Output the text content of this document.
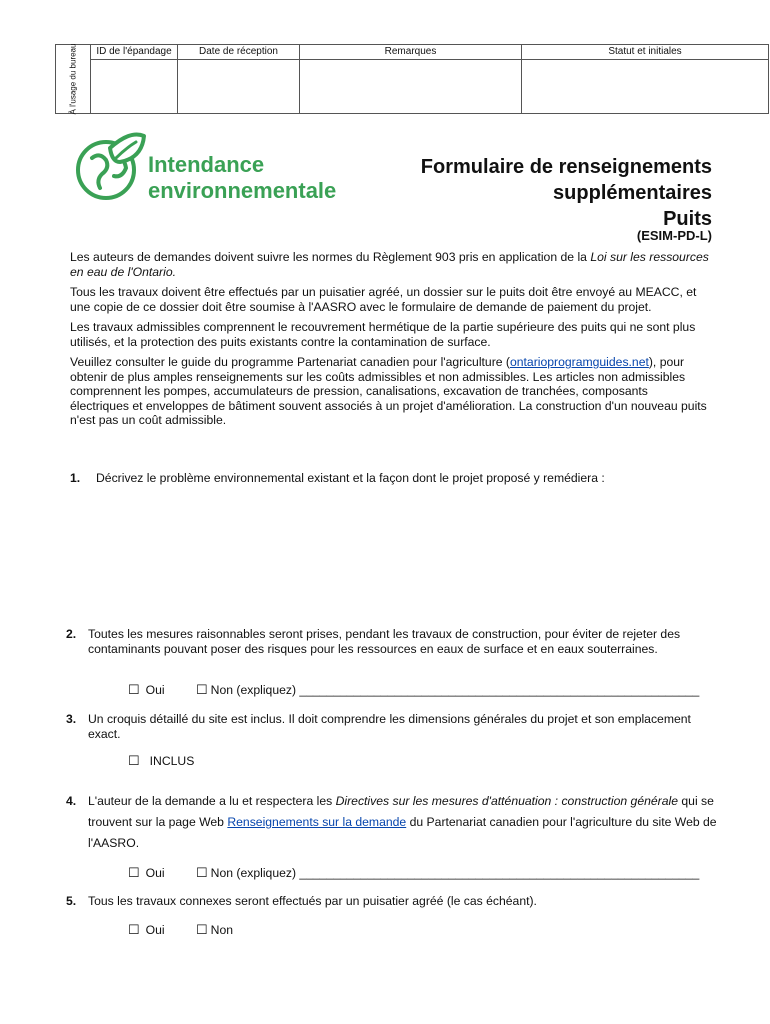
À l'usage du bureau	ID de l'épandage	Date de réception	Remarques	Statut et initiales

Intendance
environnementale
Formulaire de renseignements
supplémentaires
Puits
(ESIM-PD-L)

Les auteurs de demandes doivent suivre les normes du Règlement 903 pris en application de la Loi sur les ressources en eau de l'Ontario.

Tous les travaux doivent être effectués par un puisatier agréé, un dossier sur le puits doit être envoyé au MEACC, et une copie de ce dossier doit être soumise à l'AASRO avec le formulaire de demande de paiement du projet.

Les travaux admissibles comprennent le recouvrement hermétique de la partie supérieure des puits qui ne sont plus utilisés, et la protection des puits existants contre la contamination de surface.

Veuillez consulter le guide du programme Partenariat canadien pour l'agriculture (ontarioprogramguides.net), pour obtenir de plus amples renseignements sur les coûts admissibles et non admissibles. Les articles non admissibles comprennent les pompes, accumulateurs de pression, canalisations, excavation de tranchées, composants électriques et enveloppes de bâtiment souvent associés à un projet d'amélioration. La construction d'un nouveau puits n'est pas un coût admissible.

1. Décrivez le problème environnemental existant et la façon dont le projet proposé y remédiera :
2. Toutes les mesures raisonnables seront prises, pendant les travaux de construction, pour éviter de rejeter des contaminants pouvant poser des risques pour les ressources en eaux de surface et en eaux souterraines.
☐ Oui ☐ Non (expliquez) ___________________________________________________________
3. Un croquis détaillé du site est inclus. Il doit comprendre les dimensions générales du projet et son emplacement exact.
☐ INCLUS
4. L'auteur de la demande a lu et respectera les Directives sur les mesures d'atténuation : construction générale qui se trouvent sur la page Web Renseignements sur la demande du Partenariat canadien pour l'agriculture du site Web de l'AASRO.
☐ Oui ☐ Non (expliquez) ___________________________________________________________
5. Tous les travaux connexes seront effectués par un puisatier agréé (le cas échéant).
☐ Oui ☐ Non
